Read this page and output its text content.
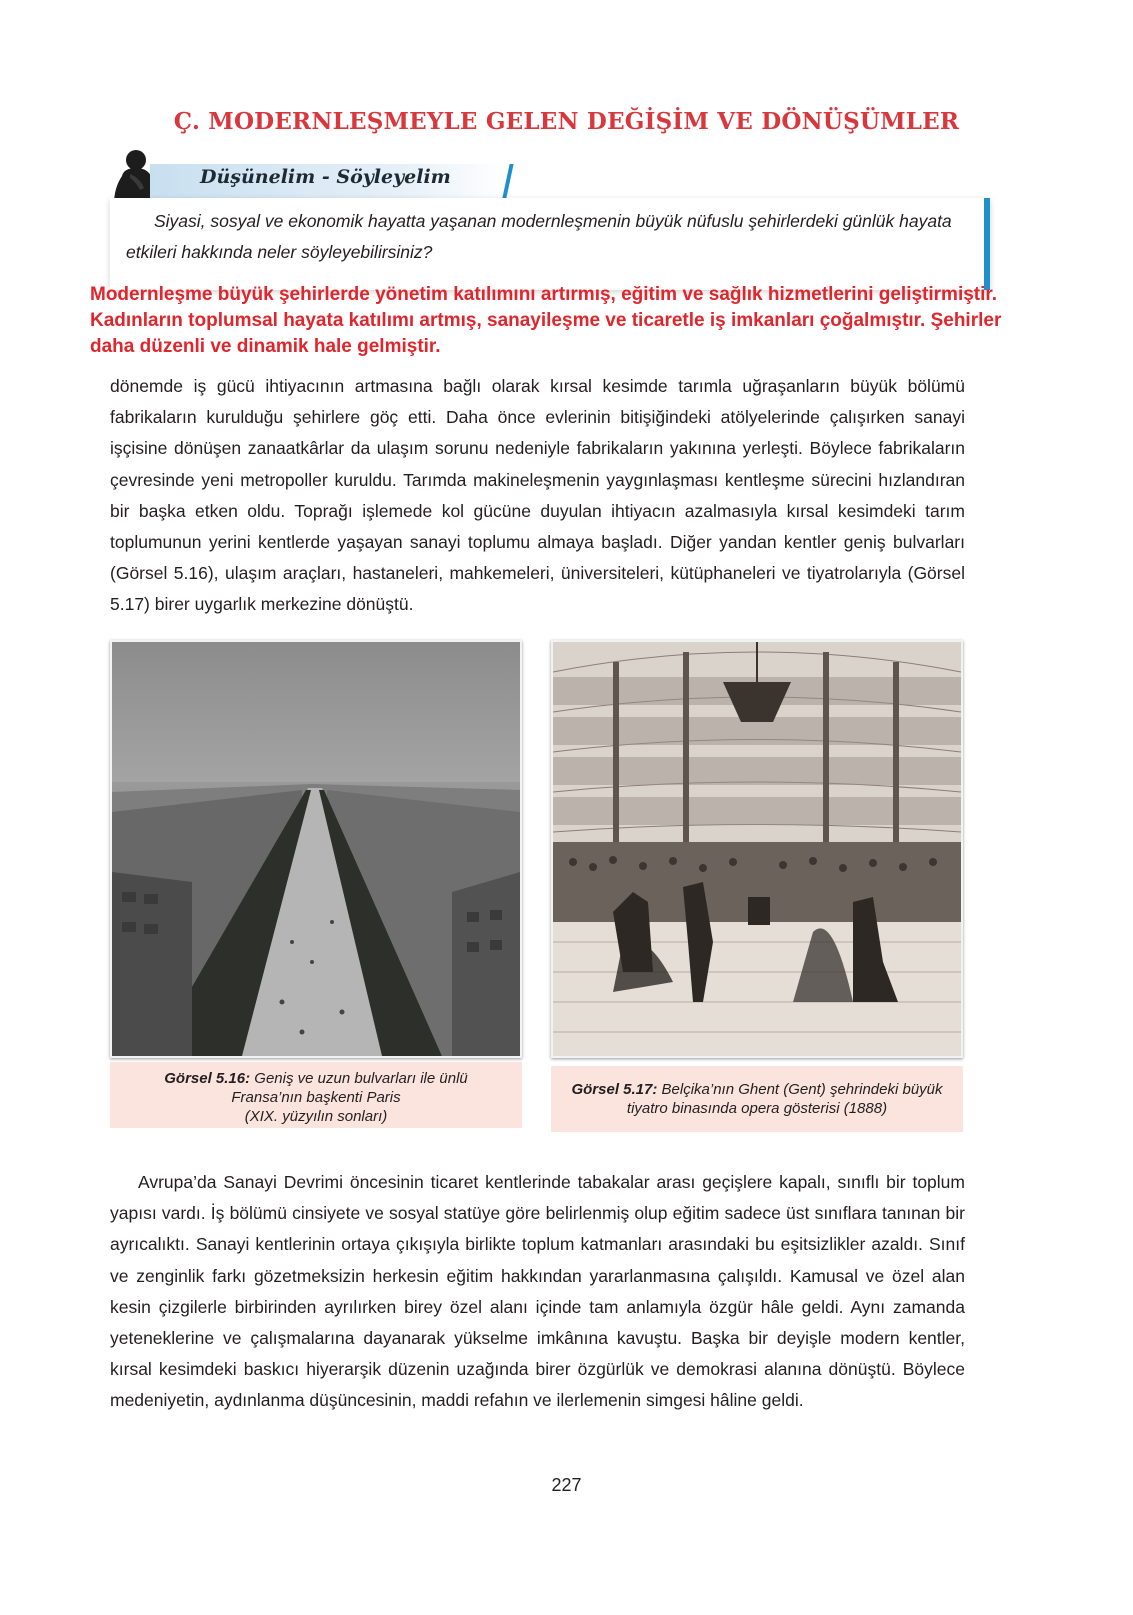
Ç. MODERNLEŞMEYLE GELEN DEĞİŞİM VE DÖNÜŞÜMLER
Düşünelim - Söyleyelim

Siyasi, sosyal ve ekonomik hayatta yaşanan modernleşmenin büyük nüfuslu şehirlerdeki günlük hayata etkileri hakkında neler söyleyebilirsiniz?

Modernleşme büyük şehirlerde yönetim katılımını artırmış, eğitim ve sağlık hizmetlerini geliştirmiştir. Kadınların toplumsal hayata katılımı artmış, sanayileşme ve ticaretle iş imkanları çoğalmıştır. Şehirler daha düzenli ve dinamik hale gelmiştir.

dönemde iş gücü ihtiyacının artmasına bağlı olarak kırsal kesimde tarımla uğraşanların büyük bölümü fabrikaların kurulduğu şehirlere göç etti. Daha önce evlerinin bitişiğindeki atölyelerinde çalışırken sanayi işçisine dönüşen zanaatkârlar da ulaşım sorunu nedeniyle fabrikaların yakınına yerleşti. Böylece fabrikaların çevresinde yeni metropoller kuruldu. Tarımda makineleşmenin yaygınlaşması kentleşme sürecini hızlandıran bir başka etken oldu. Toprağı işlemede kol gücüne duyulan ihtiyacın azalmasıyla kırsal kesimdeki tarım toplumunun yerini kentlerde yaşayan sanayi toplumu almaya başladı. Diğer yandan kentler geniş bulvarları (Görsel 5.16), ulaşım araçları, hastaneleri, mahkemeleri, üniversiteleri, kütüphaneleri ve tiyatrolarıyla (Görsel 5.17) birer uygarlık merkezine dönüştü.

Görsel 5.16: Geniş ve uzun bulvarları ile ünlü
Fransa’nın başkenti Paris
(XIX. yüzyılın sonları)
Görsel 5.17: Belçika’nın Ghent (Gent) şehrindeki büyük
tiyatro binasında opera gösterisi (1888)

Avrupa’da Sanayi Devrimi öncesinin ticaret kentlerinde tabakalar arası geçişlere kapalı, sınıflı bir toplum yapısı vardı. İş bölümü cinsiyete ve sosyal statüye göre belirlenmiş olup eğitim sadece üst sınıflara tanınan bir ayrıcalıktı. Sanayi kentlerinin ortaya çıkışıyla birlikte toplum katmanları arasındaki bu eşitsizlikler azaldı. Sınıf ve zenginlik farkı gözetmeksizin herkesin eğitim hakkından yararlanmasına çalışıldı. Kamusal ve özel alan kesin çizgilerle birbirinden ayrılırken birey özel alanı içinde tam anlamıyla özgür hâle geldi. Aynı zamanda yeteneklerine ve çalışmalarına dayanarak yükselme imkânına kavuştu. Başka bir deyişle modern kentler, kırsal kesimdeki baskıcı hiyerarşik düzenin uzağında birer özgürlük ve demokrasi alanına dönüştü. Böylece medeniyetin, aydınlanma düşüncesinin, maddi refahın ve ilerlemenin simgesi hâline geldi.

227
